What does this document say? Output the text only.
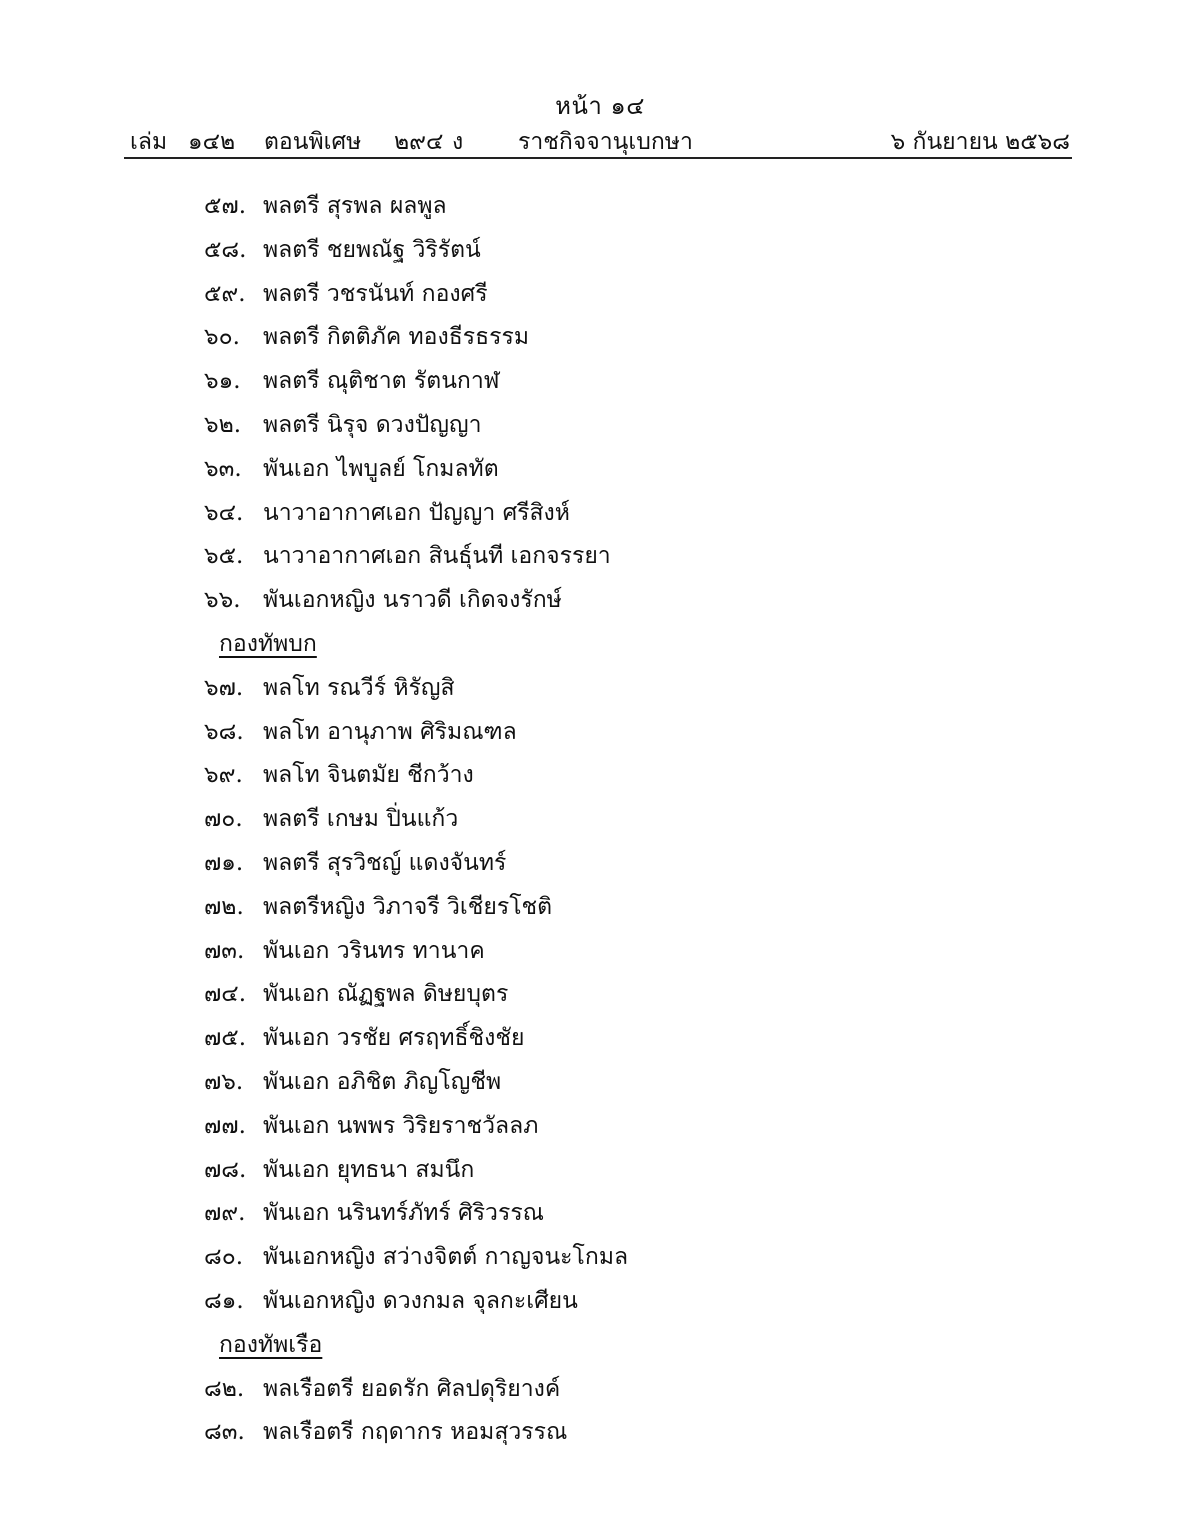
หน้า ๑๔
เล่ม ๑๔๒ ตอนพิเศษ ๒๙๔ ง ราชกิจจานุเบกษา	๖ กันยายน ๒๕๖๘
๕๗. พลตรี สุรพล ผลพูล
๕๘. พลตรี ชยพณัฐ วิริรัตน์
๕๙. พลตรี วชรนันท์ กองศรี
๖๐.	พลตรี กิตติภัค ทองธีรธรรม
๖๑. พลตรี ณุติชาต รัตนกาฬ
๖๒. พลตรี นิรุจ ดวงปัญญา
๖๓. พันเอก ไพบูลย์ โกมลทัต
๖๔. นาวาอากาศเอก ปัญญา ศรีสิงห์
๖๕. นาวาอากาศเอก สินธุ์นที เอกจรรยา
๖๖. พันเอกหญิง นราวดี เกิดจงรักษ์
กองทัพบก
๖๗. พลโท รณวีร์ หิรัญสิ
๖๘. พลโท อานุภาพ ศิริมณฑล
๖๙. พลโท จินตมัย ชีกว้าง
๗๐. พลตรี เกษม ปิ่นแก้ว
๗๑. พลตรี สุรวิชญ์ แดงจันทร์
๗๒. พลตรีหญิง วิภาจรี วิเชียรโชติ
๗๓. พันเอก วรินทร ทานาค
๗๔. พันเอก ณัฏฐพล ดิษยบุตร
๗๕. พันเอก วรชัย ศรฤทธิ์ชิงชัย
๗๖. พันเอก อภิชิต ภิญโญชีพ
๗๗. พันเอก นพพร วิริยราชวัลลภ
๗๘. พันเอก ยุทธนา สมนึก
๗๙. พันเอก นรินทร์ภัทร์ ศิริวรรณ
๘๐. พันเอกหญิง สว่างจิตต์ กาญจนะโกมล
๘๑. พันเอกหญิง ดวงกมล จุลกะเศียน
กองทัพเรือ
๘๒. พลเรือตรี ยอดรัก ศิลปดุริยางค์
๘๓. พลเรือตรี กฤดากร หอมสุวรรณ
